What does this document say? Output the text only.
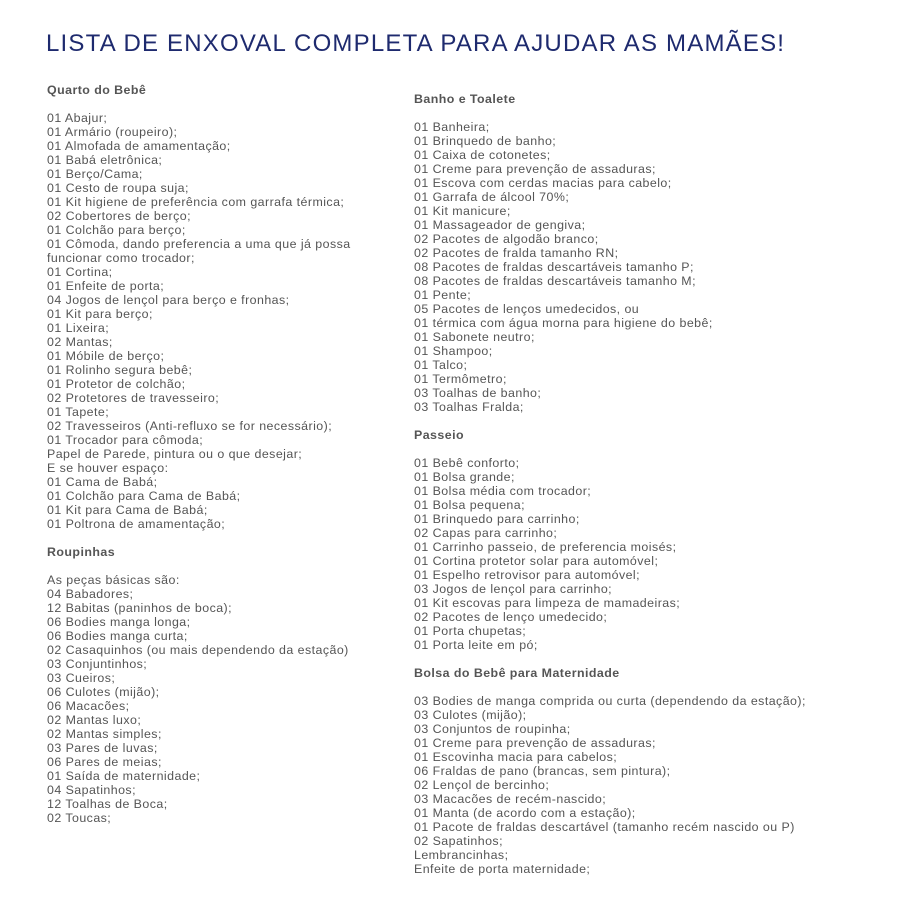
LISTA DE ENXOVAL COMPLETA PARA AJUDAR AS MAMÃES!
Quarto do Bebê
01 Abajur;
01 Armário (roupeiro);
01 Almofada de amamentação;
01 Babá eletrônica;
01 Berço/Cama;
01 Cesto de roupa suja;
01 Kit higiene de preferência com garrafa térmica;
02 Cobertores de berço;
01 Colchão para berço;
01 Cômoda, dando preferencia a uma que já possa funcionar como trocador;
01 Cortina;
01 Enfeite de porta;
04 Jogos de lençol para berço e fronhas;
01 Kit para berço;
01 Lixeira;
02 Mantas;
01 Móbile de berço;
01 Rolinho segura bebê;
01 Protetor de colchão;
02 Protetores de travesseiro;
01 Tapete;
02 Travesseiros (Anti-refluxo se for necessário);
01 Trocador para cômoda;
Papel de Parede, pintura ou o que desejar;
E se houver espaço:
01 Cama de Babá;
01 Colchão para Cama de Babá;
01 Kit para Cama de Babá;
01 Poltrona de amamentação;
Roupinhas
As peças básicas são:
04 Babadores;
12 Babitas (paninhos de boca);
06 Bodies manga longa;
06 Bodies manga curta;
02 Casaquinhos (ou mais dependendo da estação)
03 Conjuntinhos;
03 Cueiros;
06 Culotes (mijão);
06 Macacões;
02 Mantas luxo;
02 Mantas simples;
03 Pares de luvas;
06 Pares de meias;
01 Saída de maternidade;
04 Sapatinhos;
12 Toalhas de Boca;
02 Toucas;
Banho e Toalete
01 Banheira;
01 Brinquedo de banho;
01 Caixa de cotonetes;
01 Creme para prevenção de assaduras;
01 Escova com cerdas macias para cabelo;
01 Garrafa de álcool 70%;
01 Kit manicure;
01 Massageador de gengiva;
02 Pacotes de algodão branco;
02 Pacotes de fralda tamanho RN;
08 Pacotes de fraldas descartáveis tamanho P;
08 Pacotes de fraldas descartáveis tamanho M;
01 Pente;
05 Pacotes de lenços umedecidos, ou
01 térmica com água morna para higiene do bebê;
01 Sabonete neutro;
01 Shampoo;
01 Talco;
01 Termômetro;
03 Toalhas de banho;
03 Toalhas Fralda;
Passeio
01 Bebê conforto;
01 Bolsa grande;
01 Bolsa média com trocador;
01 Bolsa pequena;
01 Brinquedo para carrinho;
02 Capas para carrinho;
01 Carrinho passeio, de preferencia moisés;
01 Cortina protetor solar para automóvel;
01 Espelho retrovisor para automóvel;
03 Jogos de lençol para carrinho;
01 Kit escovas para limpeza de mamadeiras;
02 Pacotes de lenço umedecido;
01 Porta chupetas;
01 Porta leite em pó;
Bolsa do Bebê para Maternidade
03 Bodies de manga comprida ou curta (dependendo da estação);
03 Culotes (mijão);
03 Conjuntos de roupinha;
01 Creme para prevenção de assaduras;
01 Escovinha macia para cabelos;
06 Fraldas de pano (brancas, sem pintura);
02 Lençol de bercinho;
03 Macacões de recém-nascido;
01 Manta (de acordo com a estação);
01 Pacote de fraldas descartável (tamanho recém nascido ou P)
02 Sapatinhos;
Lembrancinhas;
Enfeite de porta maternidade;
